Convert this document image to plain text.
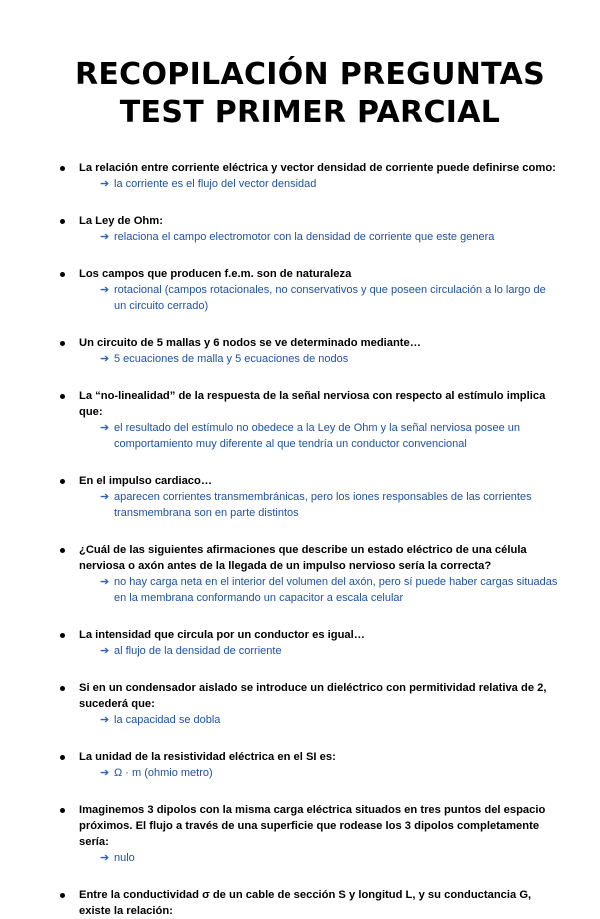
RECOPILACIÓN PREGUNTAS
TEST PRIMER PARCIAL
La relación entre corriente eléctrica y vector densidad de corriente puede definirse como:
➔ la corriente es el flujo del vector densidad
La Ley de Ohm:
➔ relaciona el campo electromotor con la densidad de corriente que este genera
Los campos que producen f.e.m. son de naturaleza
➔ rotacional (campos rotacionales, no conservativos y que poseen circulación a lo largo de un circuito cerrado)
Un circuito de 5 mallas y 6 nodos se ve determinado mediante…
➔ 5 ecuaciones de malla y 5 ecuaciones de nodos
La “no-linealidad” de la respuesta de la señal nerviosa con respecto al estímulo implica que:
➔ el resultado del estímulo no obedece a la Ley de Ohm y la señal nerviosa posee un comportamiento muy diferente al que tendría un conductor convencional
En el impulso cardiaco…
➔ aparecen corrientes transmembránicas, pero los iones responsables de las corrientes transmembrana son en parte distintos
¿Cuál de las siguientes afirmaciones que describe un estado eléctrico de una célula nerviosa o axón antes de la llegada de un impulso nervioso sería la correcta?
➔ no hay carga neta en el interior del volumen del axón, pero sí puede haber cargas situadas en la membrana conformando un capacitor a escala celular
La intensidad que circula por un conductor es igual…
➔ al flujo de la densidad de corriente
Si en un condensador aislado se introduce un dieléctrico con permitividad relativa de 2, sucederá que:
➔ la capacidad se dobla
La unidad de la resistividad eléctrica en el SI es:
➔ Ω · m (ohmio metro)
Imaginemos 3 dipolos con la misma carga eléctrica situados en tres puntos del espacio próximos. El flujo a través de una superficie que rodease los 3 dipolos completamente sería:
➔ nulo
Entre la conductividad σ de un cable de sección S y longitud L, y su conductancia G, existe la relación:
